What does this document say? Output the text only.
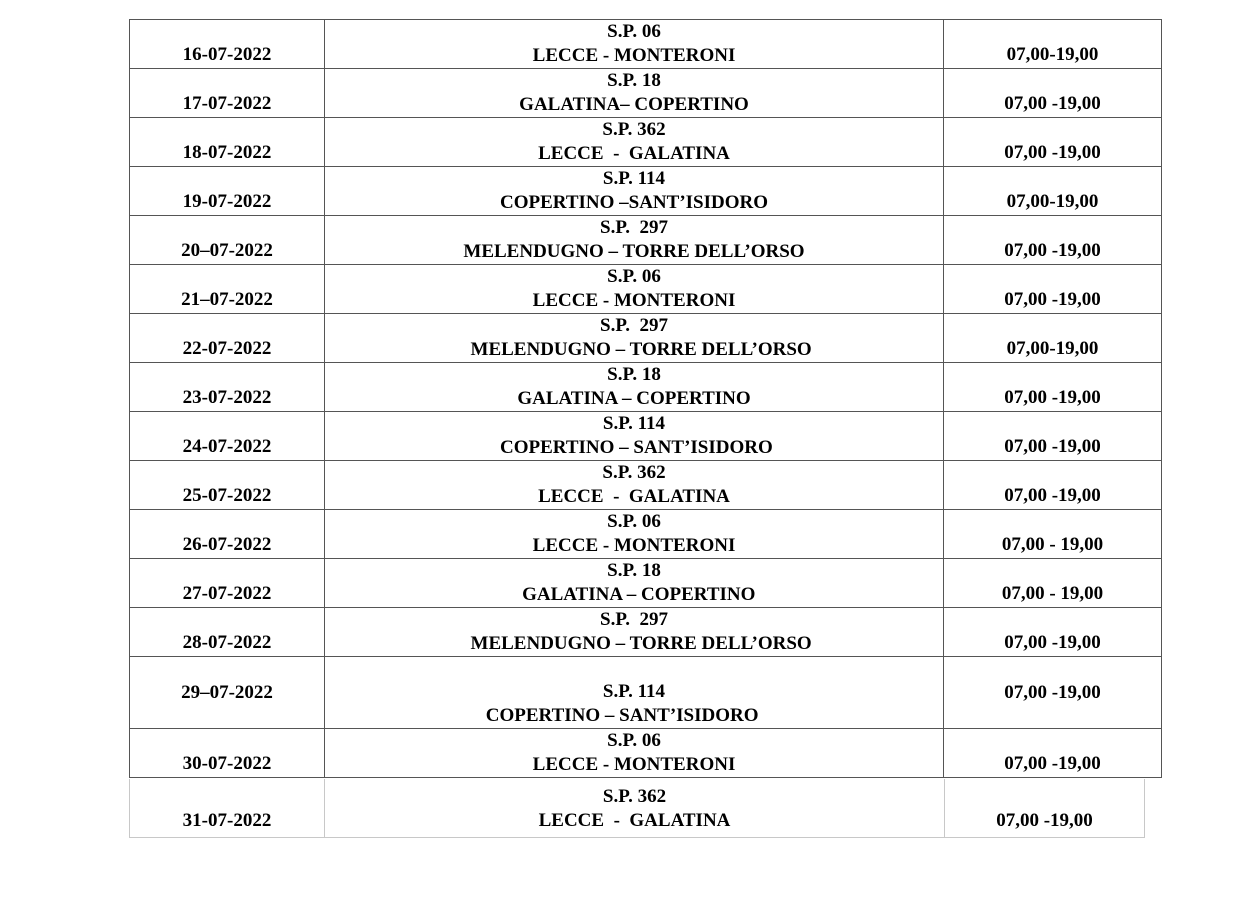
16-07-2022	S.P. 06
LECCE - MONTERONI	07,00-19,00
17-07-2022	S.P. 18
GALATINA– COPERTINO	07,00 -19,00
18-07-2022	S.P. 362
LECCE  -  GALATINA	07,00 -19,00
19-07-2022	S.P. 114
COPERTINO –SANT’ISIDORO	07,00-19,00
20–07-2022	S.P.  297
MELENDUGNO – TORRE DELL’ORSO	07,00 -19,00
21–07-2022	S.P. 06
LECCE - MONTERONI	07,00 -19,00
22-07-2022	S.P.  297
MELENDUGNO – TORRE DELL’ORSO	07,00-19,00
23-07-2022	S.P. 18
GALATINA – COPERTINO	07,00 -19,00
24-07-2022	S.P. 114
COPERTINO – SANT’ISIDORO	07,00 -19,00
25-07-2022	S.P. 362
LECCE  -  GALATINA	07,00 -19,00
26-07-2022	S.P. 06
LECCE - MONTERONI	07,00 - 19,00
27-07-2022	S.P. 18
GALATINA – COPERTINO	07,00 - 19,00
28-07-2022	S.P.  297
MELENDUGNO – TORRE DELL’ORSO	07,00 -19,00
29–07-2022	S.P. 114
COPERTINO – SANT’ISIDORO	07,00 -19,00
30-07-2022	S.P. 06
LECCE - MONTERONI	07,00 -19,00
31-07-2022	
S.P. 362
LECCE  -  GALATINA	07,00 -19,00
